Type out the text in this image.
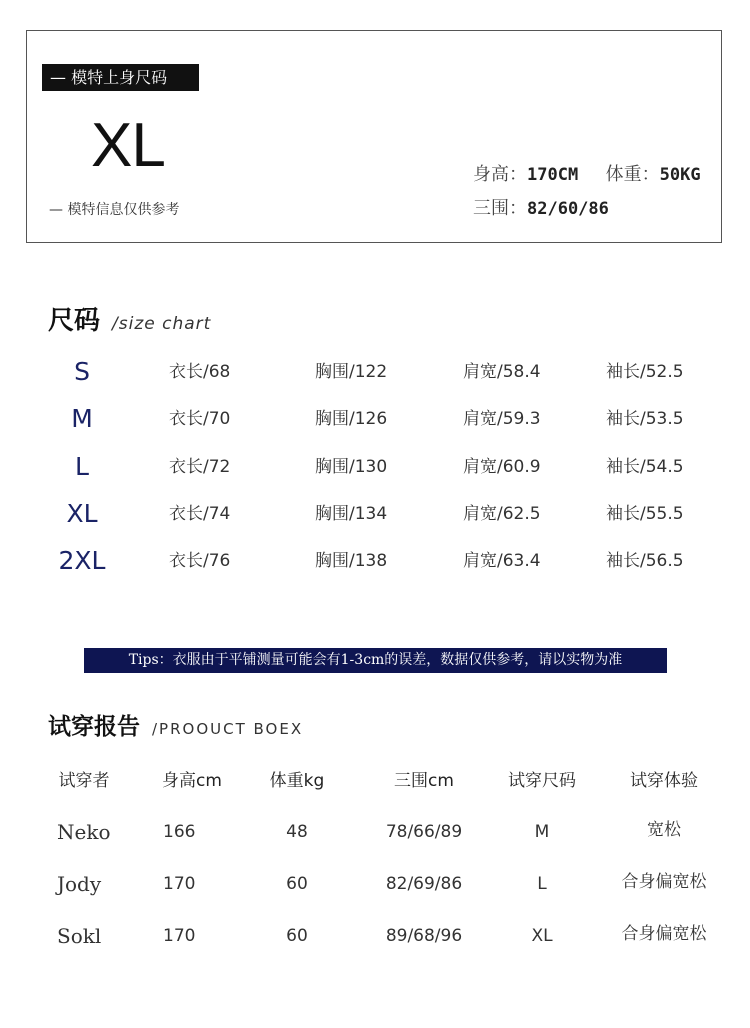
— 模特上身尺码
XL
— 模特信息仅供参考
身高：170CM 体重：50KG
三围：82/60/86
尺码 /size chart
S	衣长/68	胸围/122	肩宽/58.4	袖长/52.5
M	衣长/70	胸围/126	肩宽/59.3	袖长/53.5
L	衣长/72	胸围/130	肩宽/60.9	袖长/54.5
XL	衣长/74	胸围/134	肩宽/62.5	袖长/55.5
2XL	衣长/76	胸围/138	肩宽/63.4	袖长/56.5
Tips：衣服由于平铺测量可能会有1-3cm的误差，数据仅供参考，请以实物为准
试穿报告 /PROOUCT BOEX
试穿者	身高cm	体重kg	三围cm	试穿尺码	试穿体验
Neko	166	48	78/66/89	M	宽松
Jody	170	60	82/69/86	L	合身偏宽松
Sokl	170	60	89/68/96	XL	合身偏宽松
